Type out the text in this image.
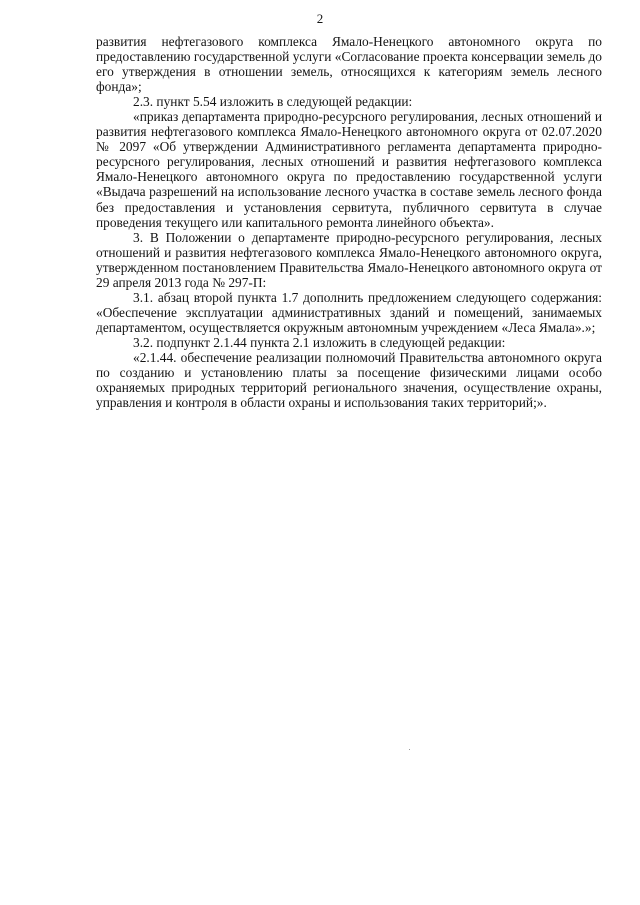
2

развития нефтегазового комплекса Ямало-Ненецкого автономного округа по предоставлению государственной услуги «Согласование проекта консервации земель до его утверждения в отношении земель, относящихся к категориям земель лесного фонда»;

2.3. пункт 5.54 изложить в следующей редакции:

«приказ департамента природно-ресурсного регулирования, лесных отношений и развития нефтегазового комплекса Ямало-Ненецкого автономного округа от 02.07.2020 № 2097 «Об утверждении Административного регламента департамента природно-ресурсного регулирования, лесных отношений и развития нефтегазового комплекса Ямало-Ненецкого автономного округа по предоставлению государственной услуги «Выдача разрешений на использование лесного участка в составе земель лесного фонда без предоставления и установления сервитута, публичного сервитута в случае проведения текущего или капитального ремонта линейного объекта».

3. В Положении о департаменте природно-ресурсного регулирования, лесных отношений и развития нефтегазового комплекса Ямало-Ненецкого автономного округа, утвержденном постановлением Правительства Ямало-Ненецкого автономного округа от 29 апреля 2013 года № 297-П:

3.1. абзац второй пункта 1.7 дополнить предложением следующего содержания: «Обеспечение эксплуатации административных зданий и помещений, занимаемых департаментом, осуществляется окружным автономным учреждением «Леса Ямала».»;

3.2. подпункт 2.1.44 пункта 2.1 изложить в следующей редакции:

«2.1.44. обеспечение реализации полномочий Правительства автономного округа по созданию и установлению платы за посещение физическими лицами особо охраняемых природных территорий регионального значения, осуществление охраны, управления и контроля в области охраны и использования таких территорий;».
